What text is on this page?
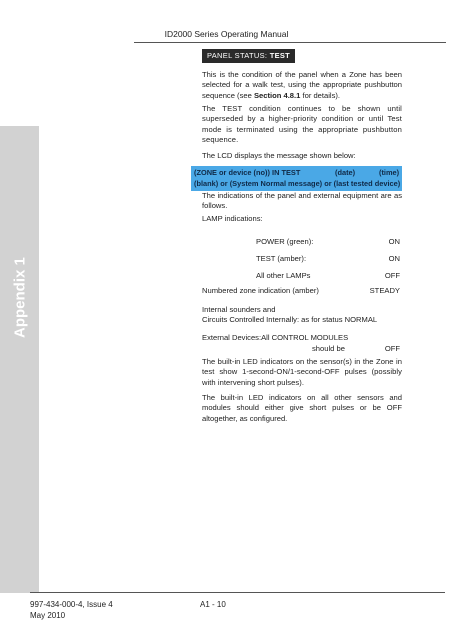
ID2000 Series Operating Manual
PANEL STATUS: TEST
This is the condition of the panel when a Zone has been selected for a walk test, using the appropriate pushbutton sequence (see Section 4.8.1 for details).
The TEST condition continues to be shown until superseded by a higher-priority condition or until Test mode is terminated using the appropriate pushbutton sequence.
The LCD displays the message shown below:
(ZONE or device (no)) IN TEST	(date)	(time)
(blank) or (System Normal message) or (last tested device)
The indications of the panel and external equipment are as follows.
LAMP indications:
POWER (green):	ON
TEST (amber):	ON
All other LAMPs	OFF
Numbered zone indication (amber)	STEADY
Internal sounders and
Circuits Controlled Internally: as for status NORMAL
External Devices:All CONTROL MODULES
should be	OFF
The built-in LED indicators on the sensor(s) in the Zone in test show 1-second-ON/1-second-OFF pulses (possibly with intervening short pulses).
The built-in LED indicators on all other sensors and modules should either give short pulses or be OFF altogether, as configured.
997-434-000-4, Issue 4
May 2010
A1 - 10
